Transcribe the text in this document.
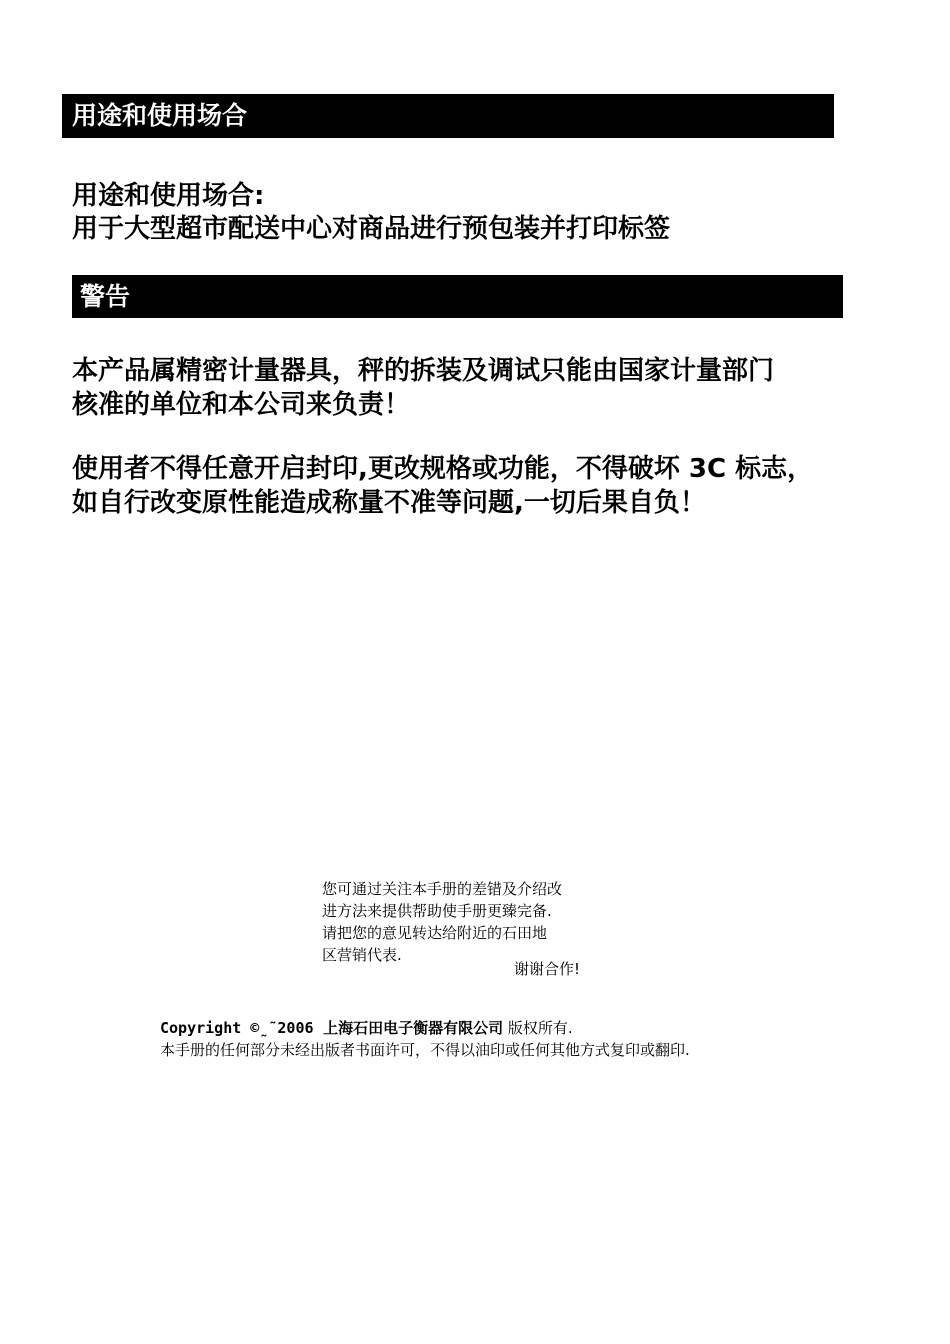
用途和使用场合
用途和使用场合:
用于大型超市配送中心对商品进行预包装并打印标签
警告
本产品属精密计量器具，秤的拆装及调试只能由国家计量部门
核准的单位和本公司来负责！
使用者不得任意开启封印,更改规格或功能，不得破坏 3C 标志，
如自行改变原性能造成称量不准等问题,一切后果自负！
您可通过关注本手册的差错及介绍改
进方法来提供帮助使手册更臻完备.
请把您的意见转达给附近的石田地
区营销代表.
谢谢合作!
Copyright ©̰̃ 2006 上海石田电子衡器有限公司 版权所有.
本手册的任何部分未经出版者书面许可，不得以油印或任何其他方式复印或翻印.
